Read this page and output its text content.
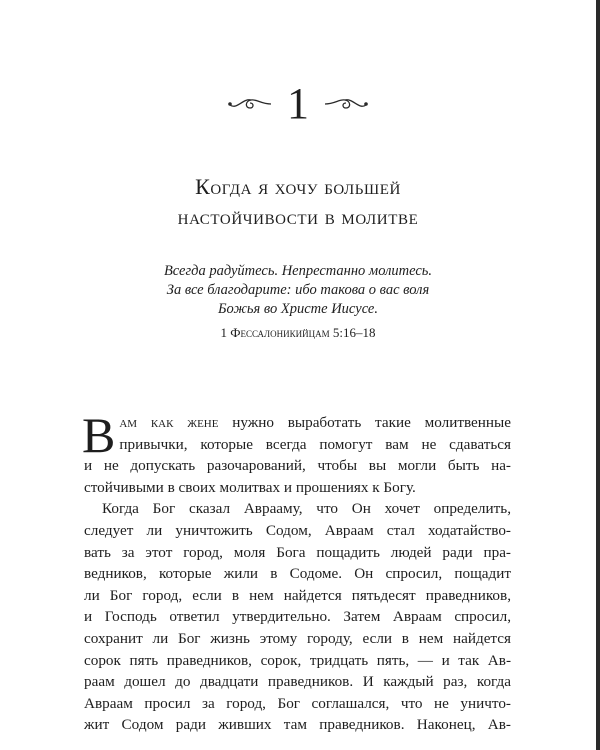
1
Когда я хочу большей
настойчивости в молитве
Всегда радуйтесь. Непрестанно молитесь.
За все благодарите: ибо такова о вас воля
Божья во Христе Иисусе.
1 Фессалоникийцам 5:16–18

В ам как жене нужно выработать такие молитвенные
привычки, которые всегда помогут вам не сдаваться
и не допускать разочарований, чтобы вы могли быть на-
стойчивыми в своих молитвах и прошениях к Богу.

Когда Бог сказал Аврааму, что Он хочет определить,
следует ли уничтожить Содом, Авраам стал ходатайство-
вать за этот город, моля Бога пощадить людей ради пра-
ведников, которые жили в Содоме. Он спросил, пощадит
ли Бог город, если в нем найдется пятьдесят праведников,
и Господь ответил утвердительно. Затем Авраам спросил,
сохранит ли Бог жизнь этому городу, если в нем найдется
сорок пять праведников, сорок, тридцать пять, — и так Ав-
раам дошел до двадцати праведников. И каждый раз, когда
Авраам просил за город, Бог соглашался, что не уничто-
жит Содом ради живших там праведников. Наконец, Ав-
